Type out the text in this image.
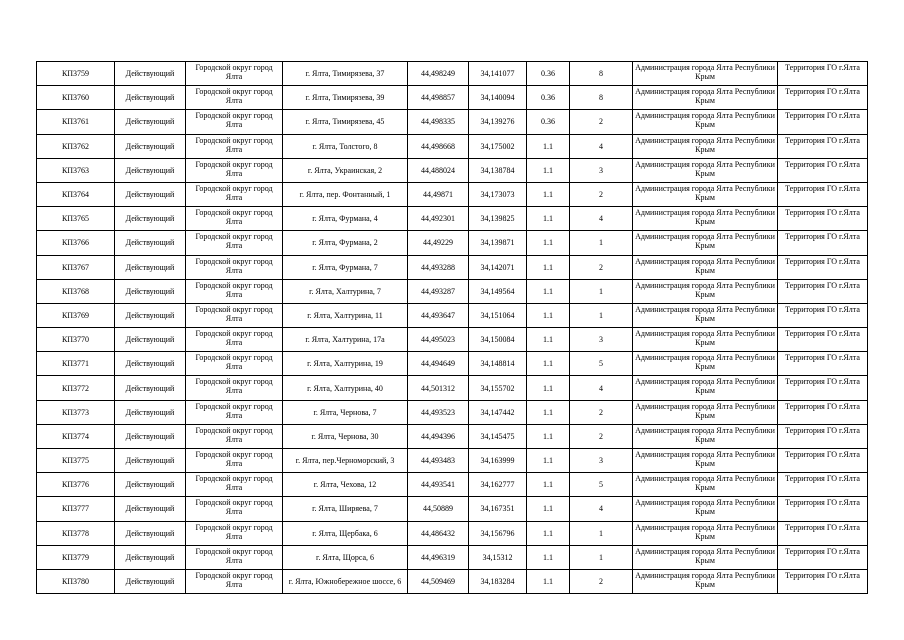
КП3759	Действующий	Городской округ город Ялта	г. Ялта, Тимирязева, 37	44,498249	34,141077	0.36	8	Администрация города Ялта Республики Крым	Территория ГО г.Ялта
КП3760	Действующий	Городской округ город Ялта	г. Ялта, Тимирязева, 39	44,498857	34,140094	0.36	8	Администрация города Ялта Республики Крым	Территория ГО г.Ялта
КП3761	Действующий	Городской округ город Ялта	г. Ялта, Тимирязева, 45	44,498335	34,139276	0.36	2	Администрация города Ялта Республики Крым	Территория ГО г.Ялта
КП3762	Действующий	Городской округ город Ялта	г. Ялта, Толстого, 8	44,498668	34,175002	1.1	4	Администрация города Ялта Республики Крым	Территория ГО г.Ялта
КП3763	Действующий	Городской округ город Ялта	г. Ялта, Украинская, 2	44,488024	34,138784	1.1	3	Администрация города Ялта Республики Крым	Территория ГО г.Ялта
КП3764	Действующий	Городской округ город Ялта	г. Ялта, пер. Фонтанный, 1	44,49871	34,173073	1.1	2	Администрация города Ялта Республики Крым	Территория ГО г.Ялта
КП3765	Действующий	Городской округ город Ялта	г. Ялта, Фурмана, 4	44,492301	34,139825	1.1	4	Администрация города Ялта Республики Крым	Территория ГО г.Ялта
КП3766	Действующий	Городской округ город Ялта	г. Ялта, Фурмана, 2	44,49229	34,139871	1.1	1	Администрация города Ялта Республики Крым	Территория ГО г.Ялта
КП3767	Действующий	Городской округ город Ялта	г. Ялта, Фурмана, 7	44,493288	34,142071	1.1	2	Администрация города Ялта Республики Крым	Территория ГО г.Ялта
КП3768	Действующий	Городской округ город Ялта	г. Ялта, Халтурина, 7	44,493287	34,149564	1.1	1	Администрация города Ялта Республики Крым	Территория ГО г.Ялта
КП3769	Действующий	Городской округ город Ялта	г. Ялта, Халтурина, 11	44,493647	34,151064	1.1	1	Администрация города Ялта Республики Крым	Территория ГО г.Ялта
КП3770	Действующий	Городской округ город Ялта	г. Ялта, Халтурина, 17а	44,495023	34,150084	1.1	3	Администрация города Ялта Республики Крым	Территория ГО г.Ялта
КП3771	Действующий	Городской округ город Ялта	г. Ялта, Халтурина, 19	44,494649	34,148814	1.1	5	Администрация города Ялта Республики Крым	Территория ГО г.Ялта
КП3772	Действующий	Городской округ город Ялта	г. Ялта, Халтурина, 40	44,501312	34,155702	1.1	4	Администрация города Ялта Республики Крым	Территория ГО г.Ялта
КП3773	Действующий	Городской округ город Ялта	г. Ялта, Чернова, 7	44,493523	34,147442	1.1	2	Администрация города Ялта Республики Крым	Территория ГО г.Ялта
КП3774	Действующий	Городской округ город Ялта	г. Ялта, Чернова, 30	44,494396	34,145475	1.1	2	Администрация города Ялта Республики Крым	Территория ГО г.Ялта
КП3775	Действующий	Городской округ город Ялта	г. Ялта, пер.Черноморский, 3	44,493483	34,163999	1.1	3	Администрация города Ялта Республики Крым	Территория ГО г.Ялта
КП3776	Действующий	Городской округ город Ялта	г. Ялта, Чехова, 12	44,493541	34,162777	1.1	5	Администрация города Ялта Республики Крым	Территория ГО г.Ялта
КП3777	Действующий	Городской округ город Ялта	г. Ялта, Ширяева, 7	44,50889	34,167351	1.1	4	Администрация города Ялта Республики Крым	Территория ГО г.Ялта
КП3778	Действующий	Городской округ город Ялта	г. Ялта, Щербака, 6	44,486432	34,156796	1.1	1	Администрация города Ялта Республики Крым	Территория ГО г.Ялта
КП3779	Действующий	Городской округ город Ялта	г. Ялта, Щорса, 6	44,496319	34,15312	1.1	1	Администрация города Ялта Республики Крым	Территория ГО г.Ялта
КП3780	Действующий	Городской округ город Ялта	г. Ялта, Южнобережное шоссе, 6	44,509469	34,183284	1.1	2	Администрация города Ялта Республики Крым	Территория ГО г.Ялта
